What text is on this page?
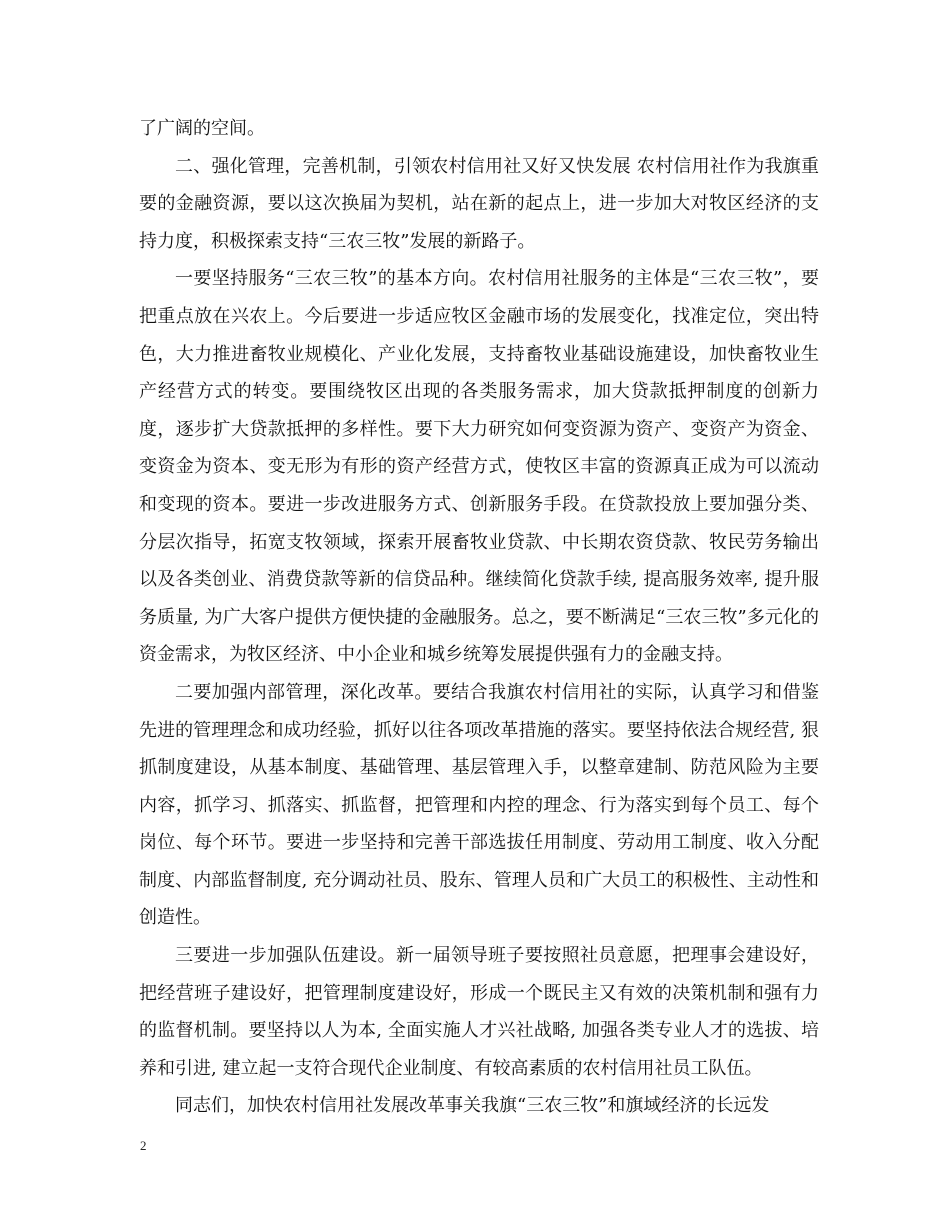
了广阔的空间。

二、强化管理，完善机制，引领农村信用社又好又快发展 农村信用社作为我旗重要的金融资源，要以这次换届为契机，站在新的起点上，进一步加大对牧区经济的支持力度，积极探索支持“三农三牧”发展的新路子。

一要坚持服务“三农三牧”的基本方向。农村信用社服务的主体是“三农三牧”，要把重点放在兴农上。今后要进一步适应牧区金融市场的发展变化，找准定位，突出特色，大力推进畜牧业规模化、产业化发展，支持畜牧业基础设施建设，加快畜牧业生产经营方式的转变。要围绕牧区出现的各类服务需求，加大贷款抵押制度的创新力度，逐步扩大贷款抵押的多样性。要下大力研究如何变资源为资产、变资产为资金、变资金为资本、变无形为有形的资产经营方式，使牧区丰富的资源真正成为可以流动和变现的资本。要进一步改进服务方式、创新服务手段。在贷款投放上要加强分类、分层次指导，拓宽支牧领域，探索开展畜牧业贷款、中长期农资贷款、牧民劳务输出以及各类创业、消费贷款等新的信贷品种。继续简化贷款手续, 提高服务效率, 提升服务质量, 为广大客户提供方便快捷的金融服务。总之，要不断满足“三农三牧”多元化的资金需求，为牧区经济、中小企业和城乡统筹发展提供强有力的金融支持。

二要加强内部管理，深化改革。要结合我旗农村信用社的实际，认真学习和借鉴先进的管理理念和成功经验，抓好以往各项改革措施的落实。要坚持依法合规经营, 狠抓制度建设，从基本制度、基础管理、基层管理入手，以整章建制、防范风险为主要内容，抓学习、抓落实、抓监督，把管理和内控的理念、行为落实到每个员工、每个岗位、每个环节。要进一步坚持和完善干部选拔任用制度、劳动用工制度、收入分配制度、内部监督制度, 充分调动社员、股东、管理人员和广大员工的积极性、主动性和创造性。

三要进一步加强队伍建设。新一届领导班子要按照社员意愿，把理事会建设好，把经营班子建设好，把管理制度建设好，形成一个既民主又有效的决策机制和强有力的监督机制。要坚持以人为本, 全面实施人才兴社战略, 加强各类专业人才的选拔、培养和引进, 建立起一支符合现代企业制度、有较高素质的农村信用社员工队伍。

同志们，加快农村信用社发展改革事关我旗“三农三牧”和旗域经济的长远发

2
